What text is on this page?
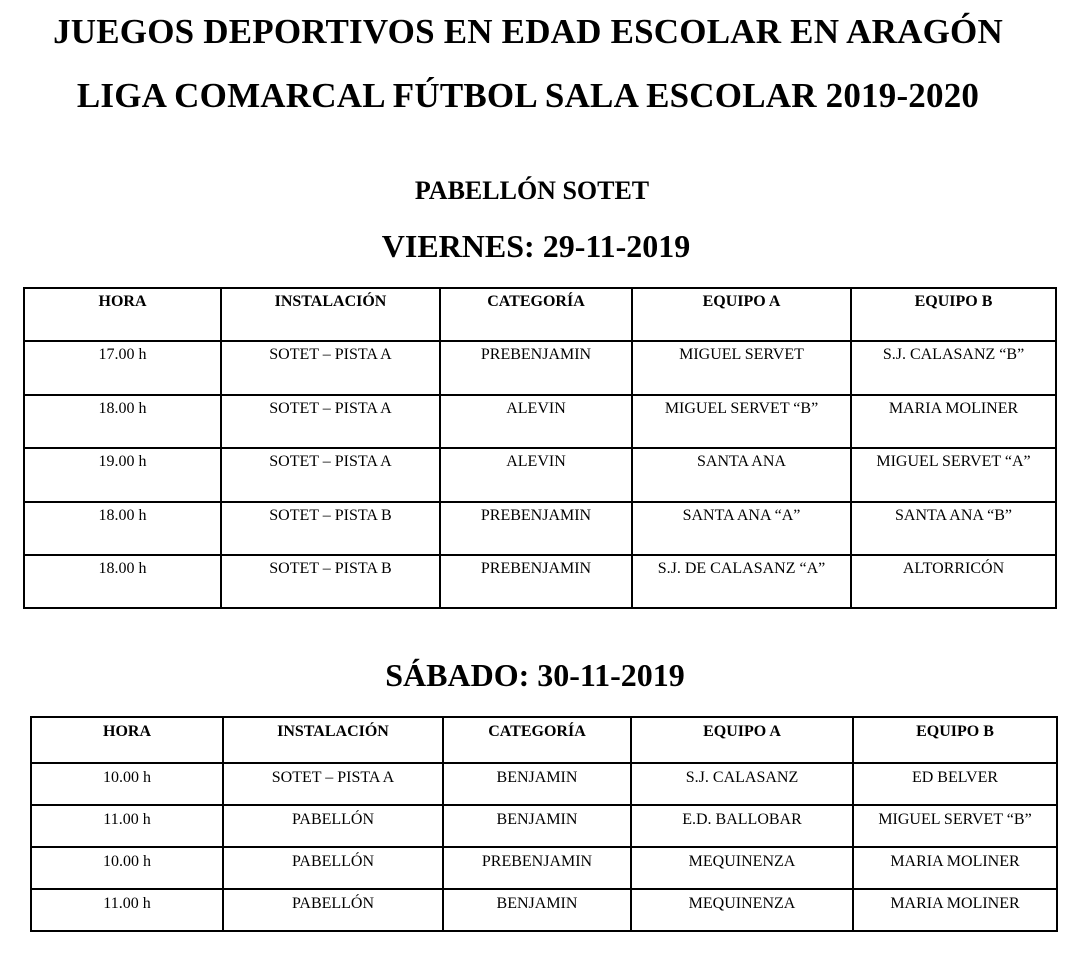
JUEGOS DEPORTIVOS EN EDAD ESCOLAR EN ARAGÓN
LIGA COMARCAL FÚTBOL SALA ESCOLAR 2019-2020
PABELLÓN SOTET
VIERNES: 29-11-2019
HORA	INSTALACIÓN	CATEGORÍA	EQUIPO A	EQUIPO B
17.00 h	SOTET – PISTA A	PREBENJAMIN	MIGUEL SERVET	S.J. CALASANZ “B”
18.00 h	SOTET – PISTA A	ALEVIN	MIGUEL SERVET “B”	MARIA MOLINER
19.00 h	SOTET – PISTA A	ALEVIN	SANTA ANA	MIGUEL SERVET “A”
18.00 h	SOTET – PISTA B	PREBENJAMIN	SANTA ANA “A”	SANTA ANA “B”
18.00 h	SOTET – PISTA B	PREBENJAMIN	S.J. DE CALASANZ “A”	ALTORRICÓN
SÁBADO: 30-11-2019
HORA	INSTALACIÓN	CATEGORÍA	EQUIPO A	EQUIPO B
10.00 h	SOTET – PISTA A	BENJAMIN	S.J. CALASANZ	ED BELVER
11.00 h	PABELLÓN	BENJAMIN	E.D. BALLOBAR	MIGUEL SERVET “B”
10.00 h	PABELLÓN	PREBENJAMIN	MEQUINENZA	MARIA MOLINER
11.00 h	PABELLÓN	BENJAMIN	MEQUINENZA	MARIA MOLINER
